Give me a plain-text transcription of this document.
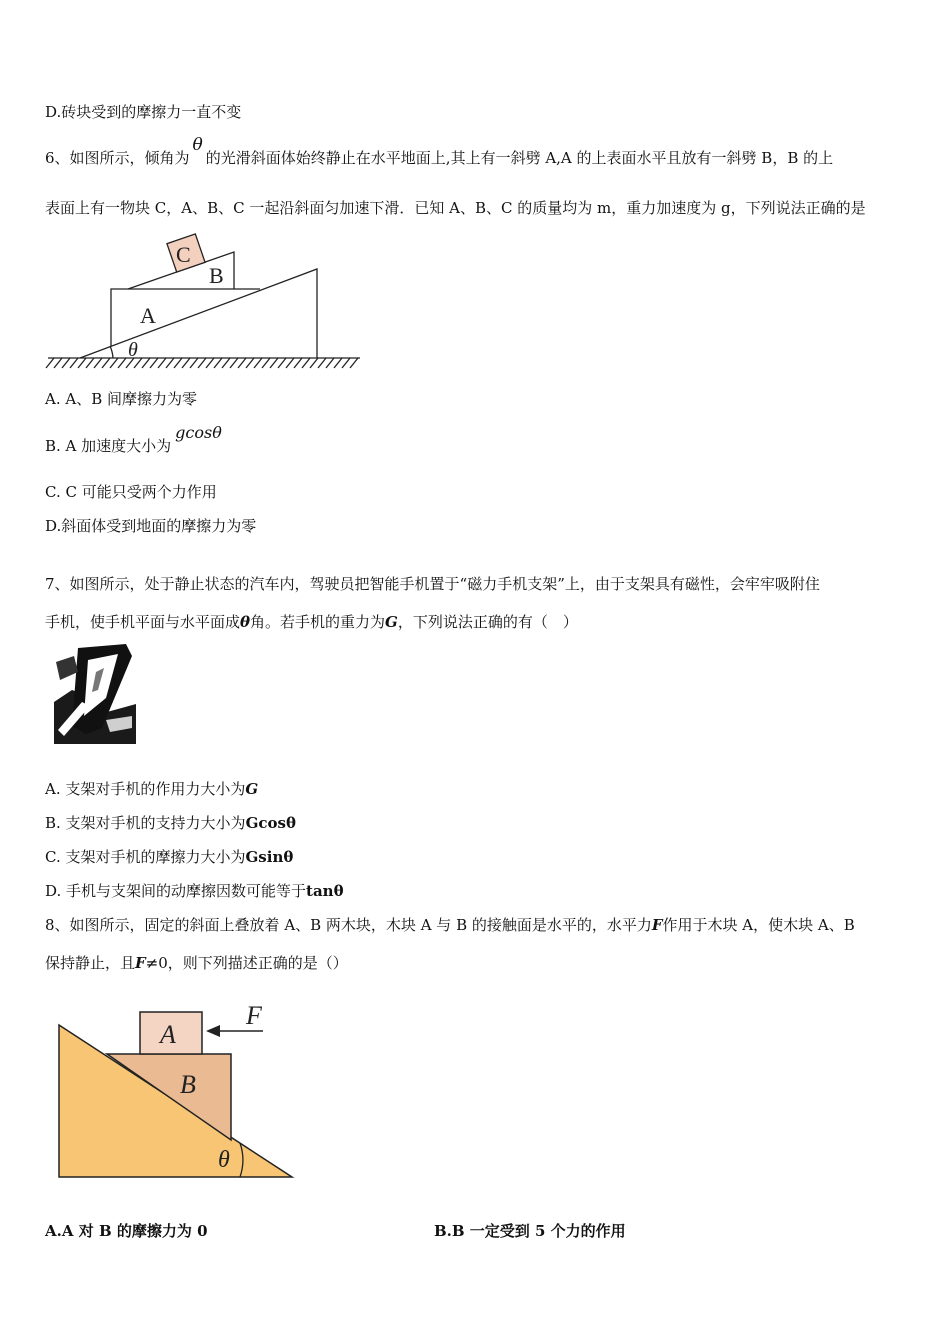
D.砖块受到的摩擦力一直不变
6、如图所示，倾角为θ的光滑斜面体始终静止在水平地面上,其上有一斜劈 A,A 的上表面水平且放有一斜劈 B，B 的上
表面上有一物块 C，A、B、C 一起沿斜面匀加速下滑．已知 A、B、C 的质量均为 m，重力加速度为 g，下列说法正确的是
C
B
A
θ
A. A、B 间摩擦力为零
B. A 加速度大小为gcosθ
C. C 可能只受两个力作用
D.斜面体受到地面的摩擦力为零
7、如图所示，处于静止状态的汽车内，驾驶员把智能手机置于“磁力手机支架”上，由于支架具有磁性，会牢牢吸附住
手机，使手机平面与水平面成θ角。若手机的重力为G，下列说法正确的有（　）
A. 支架对手机的作用力大小为G
B. 支架对手机的支持力大小为Gcosθ
C. 支架对手机的摩擦力大小为Gsinθ
D. 手机与支架间的动摩擦因数可能等于tanθ
8、如图所示，固定的斜面上叠放着 A、B 两木块，木块 A 与 B 的接触面是水平的，水平力F作用于木块 A，使木块 A、B
保持静止，且F≠0，则下列描述正确的是（）
A
B
F
θ
A.A 对 B 的摩擦力为 0	B.B 一定受到 5 个力的作用
